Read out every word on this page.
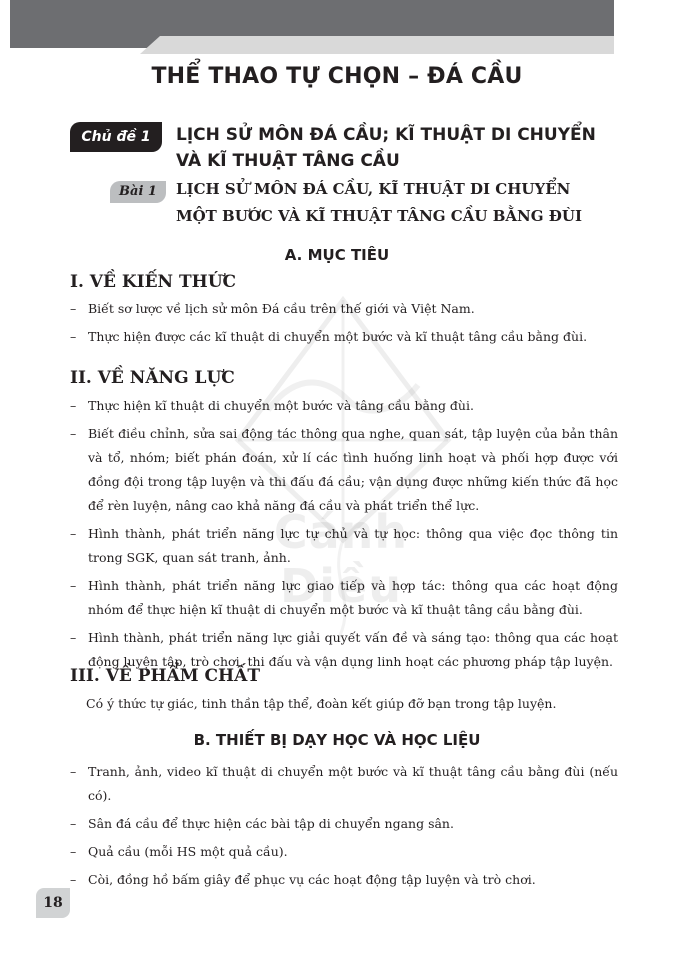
Cánh Diều
THỂ THAO TỰ CHỌN – ĐÁ CẦU
Chủ đề 1	LỊCH SỬ MÔN ĐÁ CẦU; KĨ THUẬT DI CHUYỂN
VÀ KĨ THUẬT TÂNG CẦU
Bài 1	LỊCH SỬ MÔN ĐÁ CẦU, KĨ THUẬT DI CHUYỂN
MỘT BƯỚC VÀ KĨ THUẬT TÂNG CẦU BẰNG ĐÙI
A. MỤC TIÊU
I. VỀ KIẾN THỨC
– Biết sơ lược về lịch sử môn Đá cầu trên thế giới và Việt Nam.
– Thực hiện được các kĩ thuật di chuyển một bước và kĩ thuật tâng cầu bằng đùi.
II. VỀ NĂNG LỰC
– Thực hiện kĩ thuật di chuyển một bước và tâng cầu bằng đùi.
– Biết điều chỉnh, sửa sai động tác thông qua nghe, quan sát, tập luyện của bản thân và tổ, nhóm; biết phán đoán, xử lí các tình huống linh hoạt và phối hợp được với đồng đội trong tập luyện và thi đấu đá cầu; vận dụng được những kiến thức đã học để rèn luyện, nâng cao khả năng đá cầu và phát triển thể lực.
– Hình thành, phát triển năng lực tự chủ và tự học: thông qua việc đọc thông tin trong SGK, quan sát tranh, ảnh.
– Hình thành, phát triển năng lực giao tiếp và hợp tác: thông qua các hoạt động nhóm để thực hiện kĩ thuật di chuyển một bước và kĩ thuật tâng cầu bằng đùi.
– Hình thành, phát triển năng lực giải quyết vấn đề và sáng tạo: thông qua các hoạt động luyện tập, trò chơi, thi đấu và vận dụng linh hoạt các phương pháp tập luyện.
III. VỀ PHẨM CHẤT
Có ý thức tự giác, tinh thần tập thể, đoàn kết giúp đỡ bạn trong tập luyện.
B. THIẾT BỊ DẠY HỌC VÀ HỌC LIỆU
– Tranh, ảnh, video kĩ thuật di chuyển một bước và kĩ thuật tâng cầu bằng đùi (nếu có).
– Sân đá cầu để thực hiện các bài tập di chuyển ngang sân.
– Quả cầu (mỗi HS một quả cầu).
– Còi, đồng hồ bấm giây để phục vụ các hoạt động tập luyện và trò chơi.
18
